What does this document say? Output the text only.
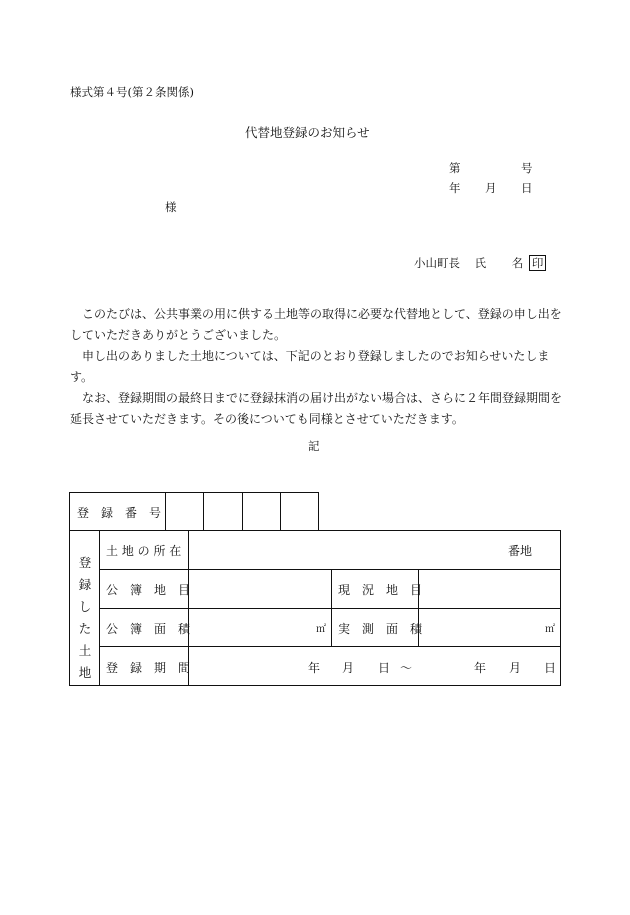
様式第４号(第２条関係)
代替地登録のお知らせ
第	号
年 月 日
様
小山町長 氏 名 印

このたびは、公共事業の用に供する土地等の取得に必要な代替地として、登録の申し出をしていただきありがとうございました。

申し出のありました土地については、下記のとおり登録しましたのでお知らせいたします。

なお、登録期間の最終日までに登録抹消の届け出がない場合は、さらに２年間登録期間を延長させていただきます。その後についても同様とさせていただきます。

記
登　録　番　号
登録した土地
土 地 の 所 在	番地
公　簿　地　目	現　況　地　目
公　簿　面　積	㎡ 実　測　面　積	㎡
登　録　期　間	年 月 日 ～	年 月 日
